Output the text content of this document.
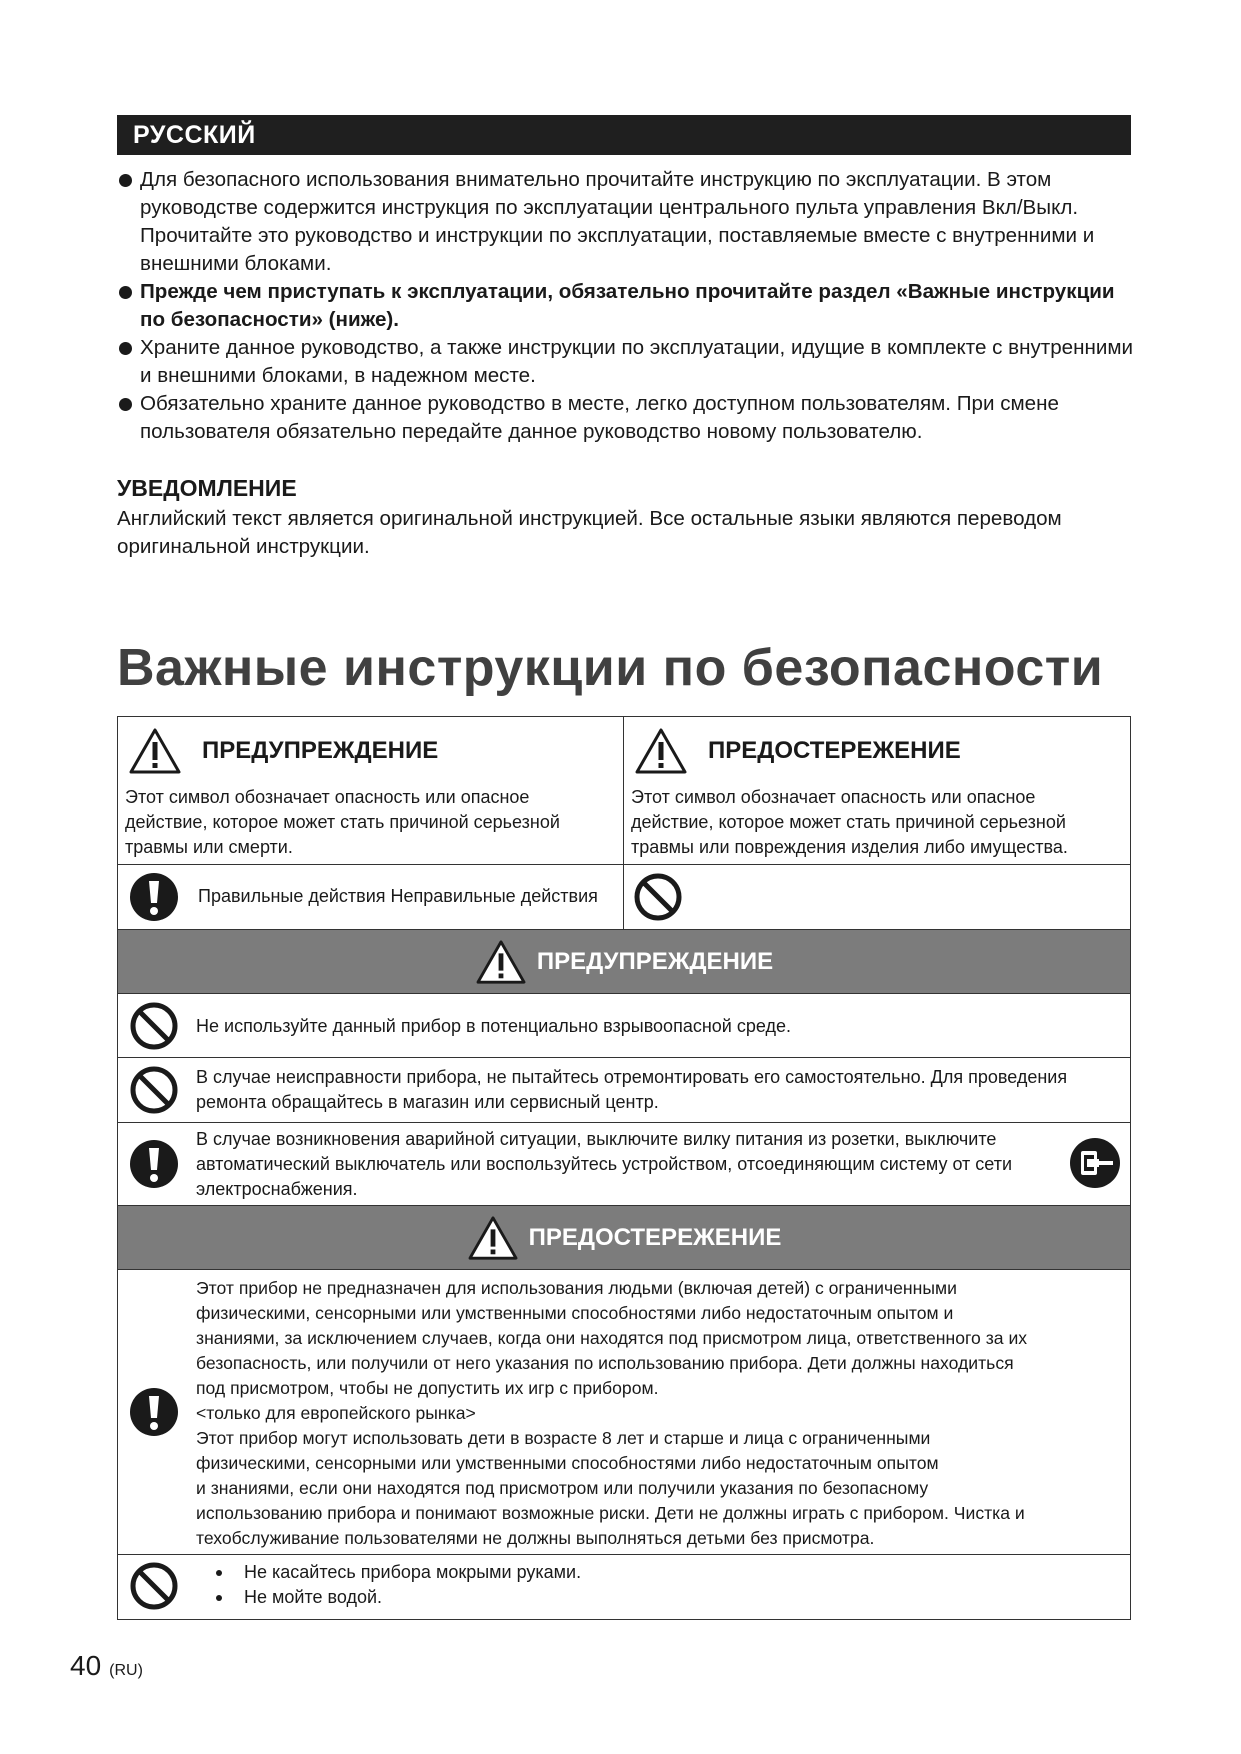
РУССКИЙ
Для безопасного использования внимательно прочитайте инструкцию по эксплуатации. В этом руководстве содержится инструкция по эксплуатации центрального пульта управления Вкл/Выкл. Прочитайте это руководство и инструкции по эксплуатации, поставляемые вместе с внутренними и внешними блоками.
Прежде чем приступать к эксплуатации, обязательно прочитайте раздел «Важные инструкции по безопасности» (ниже).
Храните данное руководство, а также инструкции по эксплуатации, идущие в комплекте с внутренними и внешними блоками, в надежном месте.
Обязательно храните данное руководство в месте, легко доступном пользователям. При смене пользователя обязательно передайте данное руководство новому пользователю.
УВЕДОМЛЕНИЕ
Английский текст является оригинальной инструкцией. Все остальные языки являются переводом оригинальной инструкции.
Важные инструкции по безопасности
ПРЕДУПРЕЖДЕНИЕ
Этот символ обозначает опасность или опасное действие, которое может стать причиной серьезной травмы или смерти.
ПРЕДОСТЕРЕЖЕНИЕ
Этот символ обозначает опасность или опасное действие, которое может стать причиной серьезной травмы или повреждения изделия либо имущества.
Правильные действия Неправильные действия
ПРЕДУПРЕЖДЕНИЕ
Не используйте данный прибор в потенциально взрывоопасной среде.
В случае неисправности прибора, не пытайтесь отремонтировать его самостоятельно. Для проведения ремонта обращайтесь в магазин или сервисный центр.
В случае возникновения аварийной ситуации, выключите вилку питания из розетки, выключите автоматический выключатель или воспользуйтесь устройством, отсоединяющим систему от сети электроснабжения.
ПРЕДОСТЕРЕЖЕНИЕ
Этот прибор не предназначен для использования людьми (включая детей) с ограниченными
физическими, сенсорными или умственными способностями либо недостаточным опытом и
знаниями, за исключением случаев, когда они находятся под присмотром лица, ответственного за их
безопасность, или получили от него указания по использованию прибора. Дети должны находиться
под присмотром, чтобы не допустить их игр с прибором.
<только для европейского рынка>
Этот прибор могут использовать дети в возрасте 8 лет и старше и лица с ограниченными
физическими, сенсорными или умственными способностями либо недостаточным опытом
и знаниями, если они находятся под присмотром или получили указания по безопасному
использованию прибора и понимают возможные риски. Дети не должны играть с прибором. Чистка и
техобслуживание пользователями не должны выполняться детьми без присмотра.
Не касайтесь прибора мокрыми руками.
Не мойте водой.
40 (RU)
